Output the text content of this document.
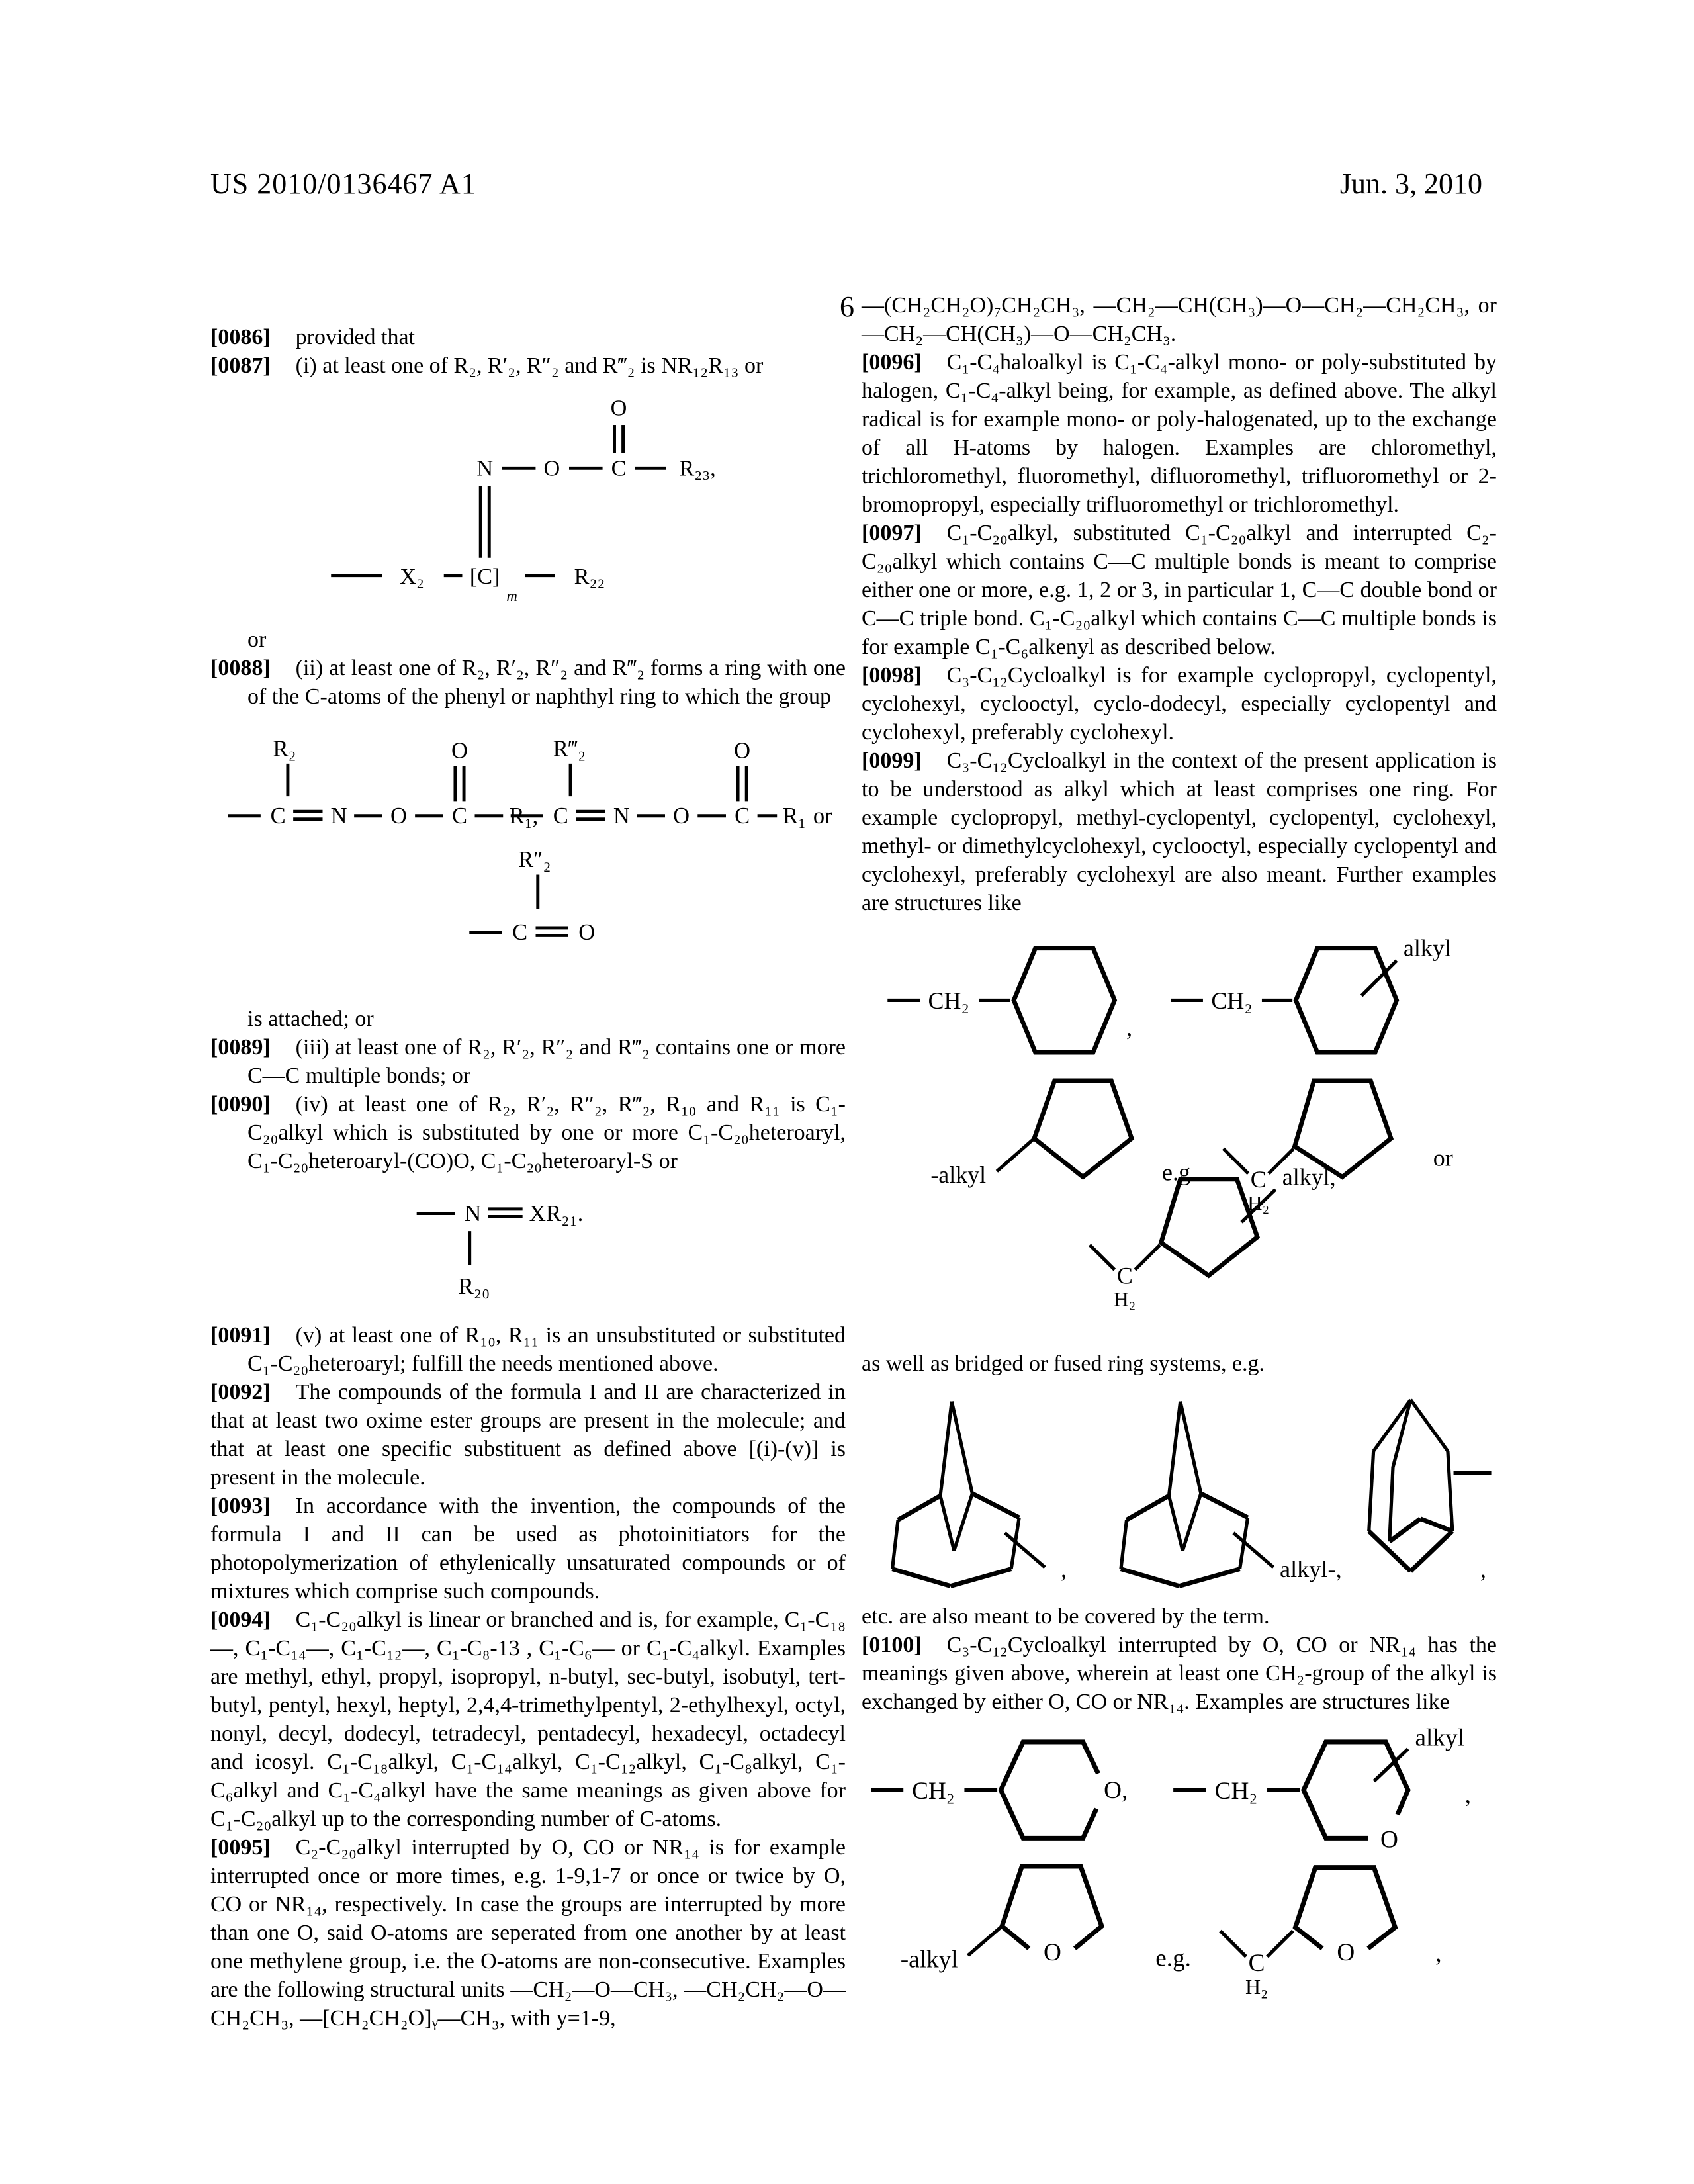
US 2010/0136467 A1	Jun. 3, 2010
6

[0086] provided that

[0087] (i) at least one of R₂, R′₂, R″₂ and R‴₂ is NR₁₂R₁₃ or

N O C
O
R₂₃,
X₂ [C]
m
R₂₂

or

[0088] (ii) at least one of R₂, R′₂, R″₂ and R‴₂ forms a ring with one of the C-atoms of the phenyl or naphthyl ring to which the group

R₂
C N O C
O
R₁,
R‴₂
C N O C
O
R₁ or
R″₂
C O

is attached; or

[0089] (iii) at least one of R₂, R′₂, R″₂ and R‴₂ contains one or more C—C multiple bonds; or

[0090] (iv) at least one of R₂, R′₂, R″₂, R‴₂, R₁₀ and R₁₁ is C₁-C₂₀alkyl which is substituted by one or more C₁-C₂₀heteroaryl, C₁-C₂₀heteroaryl-(CO)O, C₁-C₂₀heteroaryl-S or

N XR₂₁.
R₂₀

[0091] (v) at least one of R₁₀, R₁₁ is an unsubstituted or substituted C₁-C₂₀heteroaryl; fulfill the needs mentioned above.

[0092] The compounds of the formula I and II are characterized in that at least two oxime ester groups are present in the molecule; and that at least one specific substituent as defined above [(i)-(v)] is present in the molecule.

[0093] In accordance with the invention, the compounds of the formula I and II can be used as photoinitiators for the photopolymerization of ethylenically unsaturated compounds or of mixtures which comprise such compounds.

[0094] C₁-C₂₀alkyl is linear or branched and is, for example, C₁-C₁₈—, C₁-C₁₄—, C₁-C₁₂—, C₁-C₈-13 , C₁-C₆— or C₁-C₄alkyl. Examples are methyl, ethyl, propyl, isopropyl, n-butyl, sec-butyl, isobutyl, tert-butyl, pentyl, hexyl, heptyl, 2,4,4-trimethylpentyl, 2-ethylhexyl, octyl, nonyl, decyl, dodecyl, tetradecyl, pentadecyl, hexadecyl, octadecyl and icosyl. C₁-C₁₈alkyl, C₁-C₁₄alkyl, C₁-C₁₂alkyl, C₁-C₈alkyl, C₁-C₆alkyl and C₁-C₄alkyl have the same meanings as given above for C₁-C₂₀alkyl up to the corresponding number of C-atoms.

[0095] C₂-C₂₀alkyl interrupted by O, CO or NR₁₄ is for example interrupted once or more times, e.g. 1-9,1-7 or once or twice by O, CO or NR₁₄, respectively. In case the groups are interrupted by more than one O, said O-atoms are seperated from one another by at least one methylene group, i.e. the O-atoms are non-consecutive. Examples are the following structural units —CH₂—O—CH₃, —CH₂CH₂—O—CH₂CH₃, —[CH₂CH₂O]ᵧ—CH₃, with y=1-9,

—(CH₂CH₂O)₇CH₂CH₃, —CH₂—CH(CH₃)—O—CH₂—CH₂CH₃, or —CH₂—CH(CH₃)—O—CH₂CH₃.

[0096] C₁-C₄haloalkyl is C₁-C₄-alkyl mono- or poly-substituted by halogen, C₁-C₄-alkyl being, for example, as defined above. The alkyl radical is for example mono- or poly-halogenated, up to the exchange of all H-atoms by halogen. Examples are chloromethyl, trichloromethyl, fluoromethyl, difluoromethyl, trifluoromethyl or 2-bromopropyl, especially trifluoromethyl or trichloromethyl.

[0097] C₁-C₂₀alkyl, substituted C₁-C₂₀alkyl and interrupted C₂-C₂₀alkyl which contains C—C multiple bonds is meant to comprise either one or more, e.g. 1, 2 or 3, in particular 1, C—C double bond or C—C triple bond. C₁-C₂₀alkyl which contains C—C multiple bonds is for example C₁-C₆alkenyl as described below.

[0098] C₃-C₁₂Cycloalkyl is for example cyclopropyl, cyclopentyl, cyclohexyl, cyclooctyl, cyclo-dodecyl, especially cyclopentyl and cyclohexyl, preferably cyclohexyl.

[0099] C₃-C₁₂Cycloalkyl in the context of the present application is to be understood as alkyl which at least comprises one ring. For example cyclopropyl, methyl-cyclopentyl, cyclopentyl, cyclohexyl, methyl- or dimethylcyclohexyl, cyclooctyl, especially cyclopentyl and cyclohexyl, preferably cyclohexyl are also meant. Further examples are structures like

CH₂
,
CH₂
alkyl
-alkyl	e.g. C
H₂
or
C
H₂
alkyl,

as well as bridged or fused ring systems, e.g.

,	alkyl-,	,

etc. are also meant to be covered by the term.

[0100] C₃-C₁₂Cycloalkyl interrupted by O, CO or NR₁₄ has the meanings given above, wherein at least one CH₂-group of the alkyl is exchanged by either O, CO or NR₁₄. Examples are structures like

CH₂	O,	CH₂
alkyl
O
,
O
-alkyl	e.g. C
H₂
O	,
